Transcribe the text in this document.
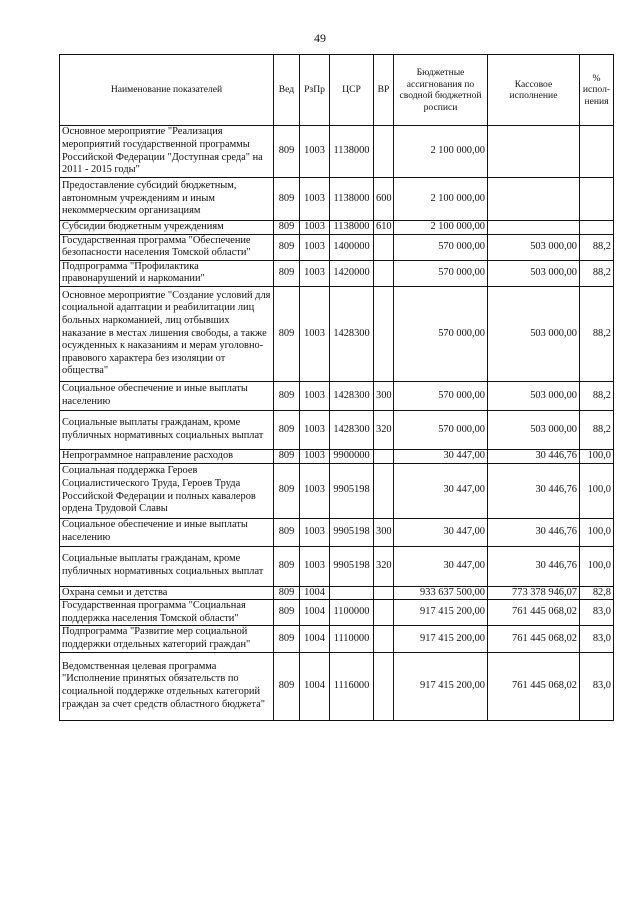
49
Наименование показателей	Вед	РзПр	ЦСР	ВР	Бюджетные ассигнования по сводной бюджетной росписи	Кассовое исполнение	% испол-нения
Основное мероприятие "Реализация мероприятий государственной программы Российской Федерации "Доступная среда" на 2011 - 2015 годы"	809	1003	1138000		2 100 000,00		
Предоставление субсидий бюджетным, автономным учреждениям и иным некоммерческим организациям	809	1003	1138000	600	2 100 000,00		
Субсидии бюджетным учреждениям	809	1003	1138000	610	2 100 000,00		
Государственная программа "Обеспечение безопасности населения Томской области"	809	1003	1400000		570 000,00	503 000,00	88,2
Подпрограмма "Профилактика правонарушений и наркомании"	809	1003	1420000		570 000,00	503 000,00	88,2
Основное мероприятие "Создание условий для социальной адаптации и реабилитации лиц больных наркоманией, лиц отбывших наказание в местах лишения свободы, а также осужденных к наказаниям и мерам уголовно-правового характера без изоляции от общества"	809	1003	1428300		570 000,00	503 000,00	88,2
Социальное обеспечение и иные выплаты населению	809	1003	1428300	300	570 000,00	503 000,00	88,2
Социальные выплаты гражданам, кроме публичных нормативных социальных выплат	809	1003	1428300	320	570 000,00	503 000,00	88,2
Непрограммное направление расходов	809	1003	9900000		30 447,00	30 446,76	100,0
Социальная поддержка Героев Социалистического Труда, Героев Труда Российской Федерации и полных кавалеров ордена Трудовой Славы	809	1003	9905198		30 447,00	30 446,76	100,0
Социальное обеспечение и иные выплаты населению	809	1003	9905198	300	30 447,00	30 446,76	100,0
Социальные выплаты гражданам, кроме публичных нормативных социальных выплат	809	1003	9905198	320	30 447,00	30 446,76	100,0
Охрана семьи и детства	809	1004			933 637 500,00	773 378 946,07	82,8
Государственная программа "Социальная поддержка населения Томской области"	809	1004	1100000		917 415 200,00	761 445 068,02	83,0
Подпрограмма "Развитие мер социальной поддержки отдельных категорий граждан"	809	1004	1110000		917 415 200,00	761 445 068,02	83,0
Ведомственная целевая программа "Исполнение принятых обязательств по социальной поддержке отдельных категорий граждан за счет средств областного бюджета"	809	1004	1116000		917 415 200,00	761 445 068,02	83,0
